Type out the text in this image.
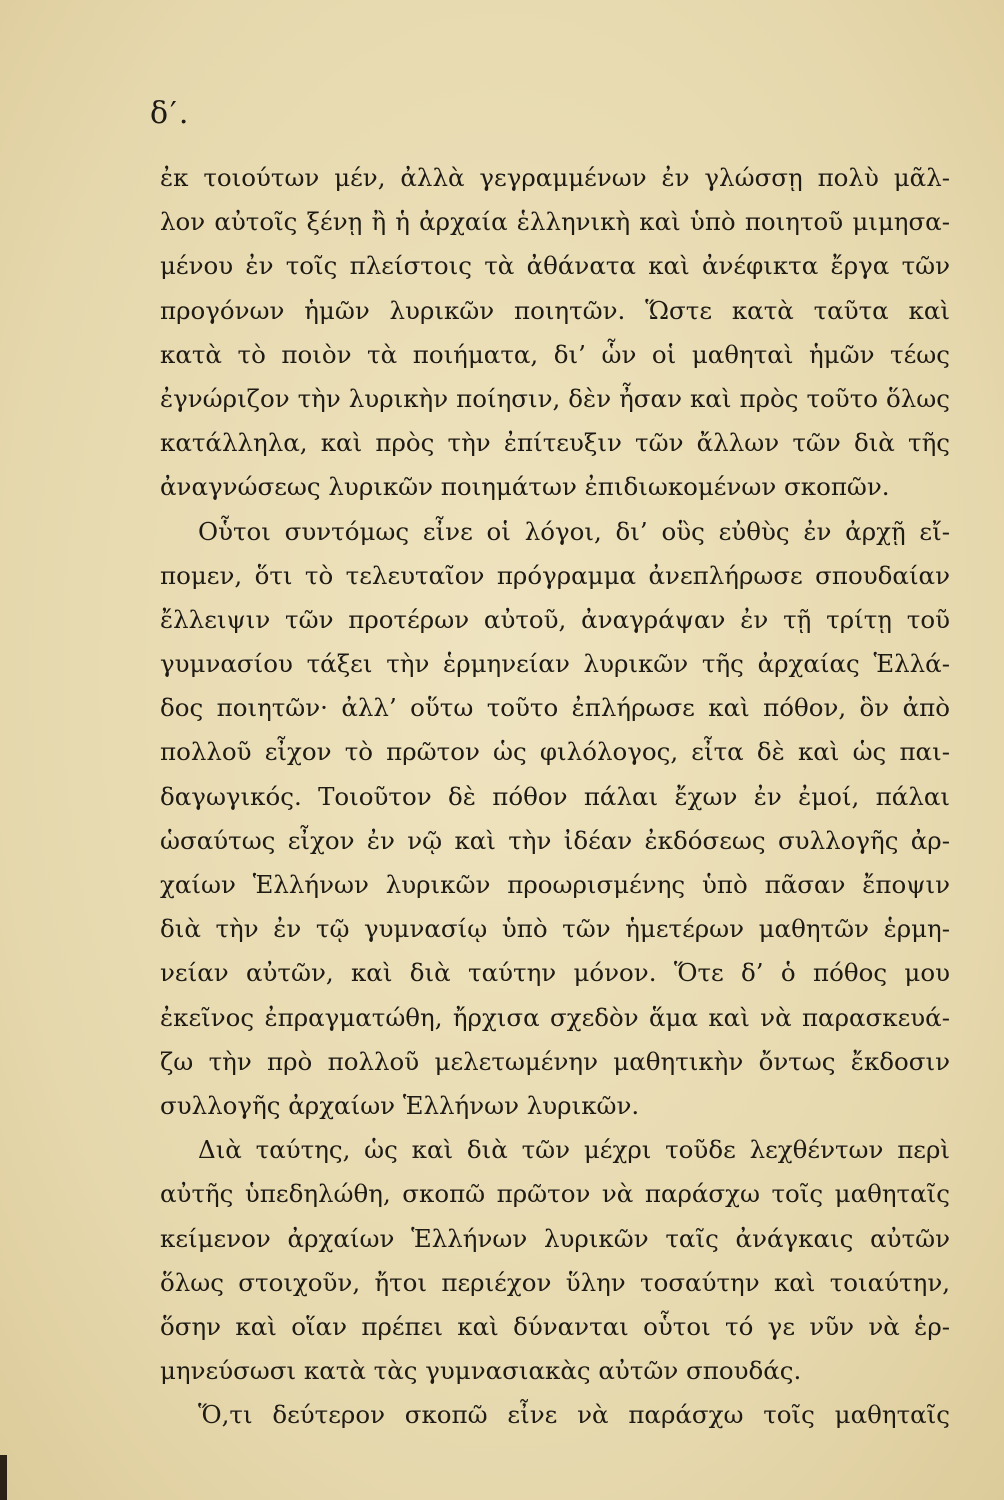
δ′.
ἐκ τοιούτων μέν, ἀλλὰ γεγραμμένων ἐν γλώσσῃ πολὺ μᾶλ-
λον αὐτοῖς ξένῃ ἢ ἡ ἀρχαία ἑλληνικὴ καὶ ὑπὸ ποιητοῦ μιμησα-
μένου ἐν τοῖς πλείστοις τὰ ἀθάνατα καὶ ἀνέφικτα ἔργα τῶν
προγόνων ἡμῶν λυρικῶν ποιητῶν. Ὥστε κατὰ ταῦτα καὶ
κατὰ τὸ ποιὸν τὰ ποιήματα, δι’ ὧν οἱ μαθηταὶ ἡμῶν τέως
ἐγνώριζον τὴν λυρικὴν ποίησιν, δὲν ἦσαν καὶ πρὸς τοῦτο ὅλως
κατάλληλα, καὶ πρὸς τὴν ἐπίτευξιν τῶν ἄλλων τῶν διὰ τῆς
ἀναγνώσεως λυρικῶν ποιημάτων ἐπιδιωκομένων σκοπῶν.
Οὗτοι συντόμως εἶνε οἱ λόγοι, δι’ οὓς εὐθὺς ἐν ἀρχῇ εἴ-
πομεν, ὅτι τὸ τελευταῖον πρόγραμμα ἀνεπλήρωσε σπουδαίαν
ἔλλειψιν τῶν προτέρων αὐτοῦ, ἀναγράψαν ἐν τῇ τρίτῃ τοῦ
γυμνασίου τάξει τὴν ἑρμηνείαν λυρικῶν τῆς ἀρχαίας Ἑλλά-
δος ποιητῶν· ἀλλ’ οὕτω τοῦτο ἐπλήρωσε καὶ πόθον, ὃν ἀπὸ
πολλοῦ εἶχον τὸ πρῶτον ὡς φιλόλογος, εἶτα δὲ καὶ ὡς παι-
δαγωγικός. Τοιοῦτον δὲ πόθον πάλαι ἔχων ἐν ἐμοί, πάλαι
ὡσαύτως εἶχον ἐν νῷ καὶ τὴν ἰδέαν ἐκδόσεως συλλογῆς ἀρ-
χαίων Ἑλλήνων λυρικῶν προωρισμένης ὑπὸ πᾶσαν ἔποψιν
διὰ τὴν ἐν τῷ γυμνασίῳ ὑπὸ τῶν ἡμετέρων μαθητῶν ἑρμη-
νείαν αὐτῶν, καὶ διὰ ταύτην μόνον. Ὅτε δ’ ὁ πόθος μου
ἐκεῖνος ἐπραγματώθη, ἤρχισα σχεδὸν ἅμα καὶ νὰ παρασκευά-
ζω τὴν πρὸ πολλοῦ μελετωμένην μαθητικὴν ὄντως ἔκδοσιν
συλλογῆς ἀρχαίων Ἑλλήνων λυρικῶν.
Διὰ ταύτης, ὡς καὶ διὰ τῶν μέχρι τοῦδε λεχθέντων περὶ
αὐτῆς ὑπεδηλώθη, σκοπῶ πρῶτον νὰ παράσχω τοῖς μαθηταῖς
κείμενον ἀρχαίων Ἑλλήνων λυρικῶν ταῖς ἀνάγκαις αὐτῶν
ὅλως στοιχοῦν, ἤτοι περιέχον ὕλην τοσαύτην καὶ τοιαύτην,
ὅσην καὶ οἵαν πρέπει καὶ δύνανται οὗτοι τό γε νῦν νὰ ἑρ-
μηνεύσωσι κατὰ τὰς γυμνασιακὰς αὐτῶν σπουδάς.
Ὅ,τι δεύτερον σκοπῶ εἶνε νὰ παράσχω τοῖς μαθηταῖς
